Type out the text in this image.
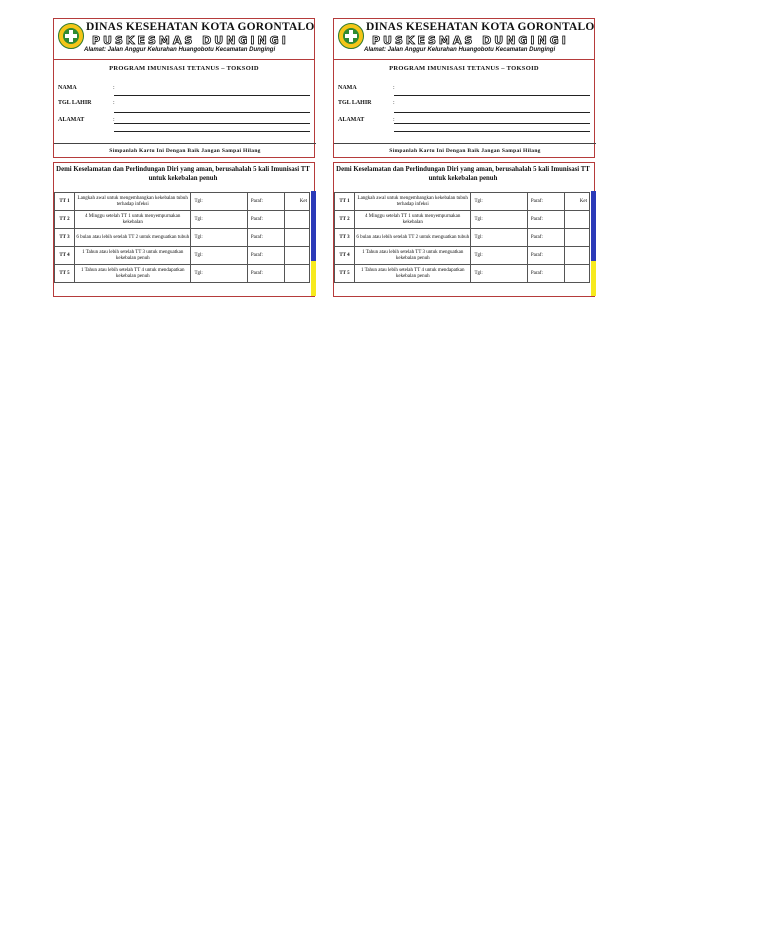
DINAS KESEHATAN KOTA GORONTALO
PUSKESMAS DUNGINGI
Alamat: Jalan Anggur Kelurahan Huangobotu Kecamatan Dungingi
PROGRAM IMUNISASI TETANUS – TOKSOID
NAMA	:
TGL LAHIR	:
ALAMAT	:
Simpanlah Kartu Ini Dengan Baik Jangan Sampai Hilang
Demi Keselamatan dan Perlindungan Diri yang aman, berusahalah 5 kali Imunisasi TT untuk kekebalan penuh
TT 1	Langkah awal untuk mengembangkan kekebalan tubuh terhadap infeksi	Tgl:	Paraf:	Ket
TT 2	4 Minggu setelah TT 1 untuk menyempurnakan kekebalan	Tgl:	Paraf:	
TT 3	6 bulan atau lebih setelah TT 2 untuk menguatkan tubuh	Tgl:	Paraf:	
TT 4	1 Tahun atau lebih setelah TT 3 untuk menguatkan kekebalan penuh	Tgl:	Paraf:	
TT 5	1 Tahun atau lebih setelah TT 4 untuk mendapatkan kekebalan penuh	Tgl:	Paraf:	
DINAS KESEHATAN KOTA GORONTALO
PUSKESMAS DUNGINGI
Alamat: Jalan Anggur Kelurahan Huangobotu Kecamatan Dungingi
PROGRAM IMUNISASI TETANUS – TOKSOID
NAMA	:
TGL LAHIR	:
ALAMAT	:
Simpanlah Kartu Ini Dengan Baik Jangan Sampai Hilang
Demi Keselamatan dan Perlindungan Diri yang aman, berusahalah 5 kali Imunisasi TT untuk kekebalan penuh
TT 1	Langkah awal untuk mengembangkan kekebalan tubuh terhadap infeksi	Tgl:	Paraf:	Ket
TT 2	4 Minggu setelah TT 1 untuk menyempurnakan kekebalan	Tgl:	Paraf:	
TT 3	6 bulan atau lebih setelah TT 2 untuk menguatkan tubuh	Tgl:	Paraf:	
TT 4	1 Tahun atau lebih setelah TT 3 untuk menguatkan kekebalan penuh	Tgl:	Paraf:	
TT 5	1 Tahun atau lebih setelah TT 4 untuk mendapatkan kekebalan penuh	Tgl:	Paraf:	
